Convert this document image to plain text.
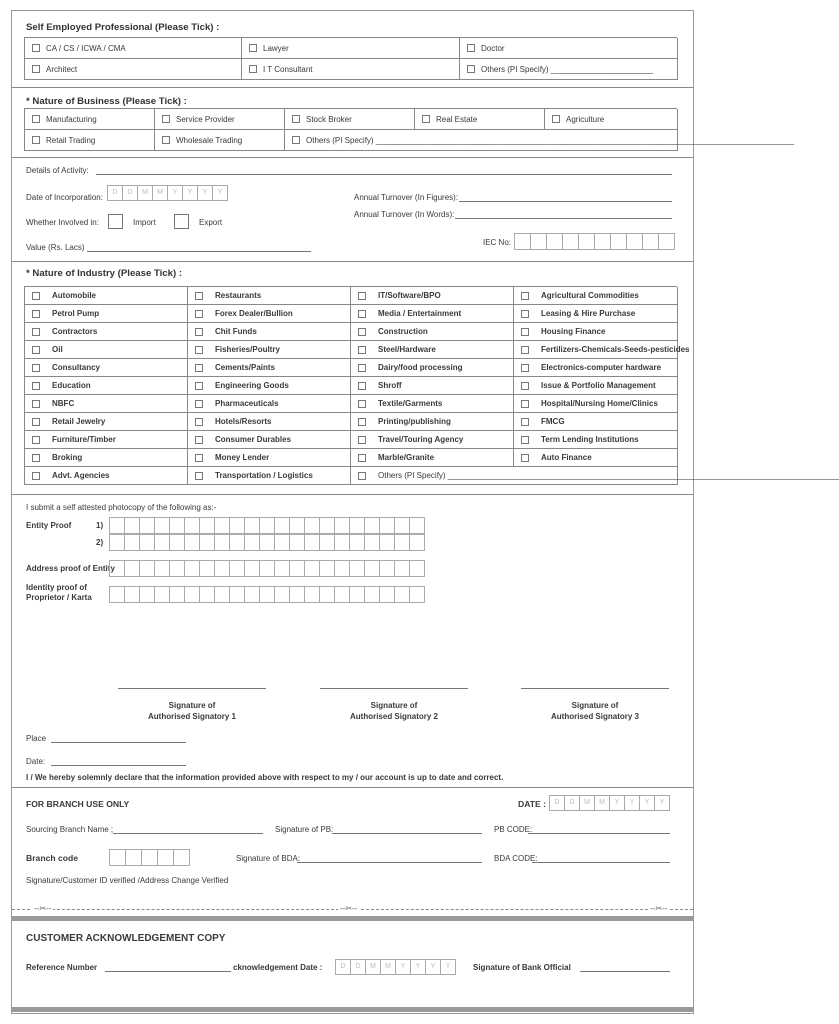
Self Employed Professional (Please Tick) :
CA / CS / ICWA / CMA	Lawyer	Doctor
Architect	I T Consultant	Others (PI Specify) _______________________
* Nature of Business (Please Tick) :
Manufacturing	Service Provider	Stock Broker	Real Estate	Agriculture
Retail Trading	Wholesale Trading	Others (PI Specify) ______________________________________________________________________________________________
Details of Activity:
Date of Incorporation:
D	D	M	M	Y	Y	Y	Y
Annual Turnover (In Figures):
Annual Turnover (In Words):
Whether Involved in:	Import	Export
Value (Rs. Lacs)
IEC No:
* Nature of Industry (Please Tick) :
Automobile	Restaurants	IT/Software/BPO	Agricultural Commodities
Petrol Pump	Forex Dealer/Bullion	Media / Entertainment	Leasing & Hire Purchase
Contractors	Chit Funds	Construction	Housing Finance
Oil	Fisheries/Poultry	Steel/Hardware	Fertilizers-Chemicals-Seeds-pesticides
Consultancy	Cements/Paints	Dairy/food processing	Electronics-computer hardware
Education	Engineering Goods	Shroff	Issue & Portfolio Management
NBFC	Pharmaceuticals	Textile/Garments	Hospital/Nursing Home/Clinics
Retail Jewelry	Hotels/Resorts	Printing/publishing	FMCG
Furniture/Timber	Consumer Durables	Travel/Touring Agency	Term Lending Institutions
Broking	Money Lender	Marble/Granite	Auto Finance
Advt. Agencies	Transportation / Logistics	Others (PI Specify) ________________________________________________________________________________________
I submit a self attested photocopy of the following as:-
Entity Proof	1)
2)
Address proof of Entity
Identity proof of
Proprietor / Karta
Signature of
Authorised Signatory 1
Signature of
Authorised Signatory 2
Signature of
Authorised Signatory 3
Place
Date:
I / We hereby solemnly declare that the information provided above with respect to my / our account is up to date and correct.
FOR BRANCH USE ONLY	DATE :	D	D	M	M	Y	Y	Y	Y
Sourcing Branch Name ;	Signature of PB:	PB CODE:
Branch code	Signature of BDA:	BDA CODE:
Signature/Customer ID verified /Address Change Verified
--✂--	--✂--	--✂--
CUSTOMER ACKNOWLEDGEMENT COPY
Reference Number	cknowledgement Date :	D	D	M	M	Y	Y	Y	Y	Signature of Bank Official
